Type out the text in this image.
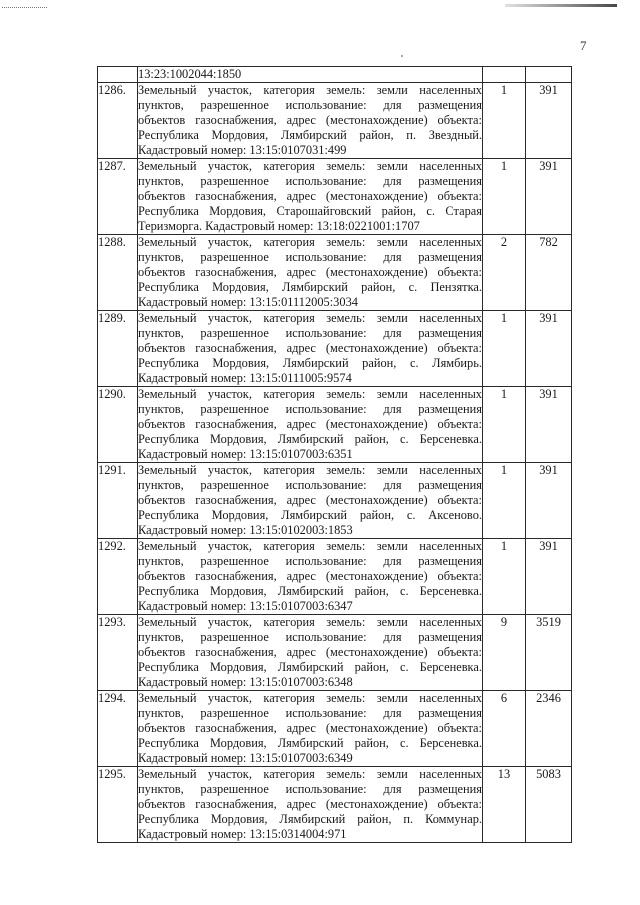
7

	13:23:1002044:1850		

1286.	Земельный участок, категория земель: земли населенных
пунктов, разрешенное использование: для размещения
объектов газоснабжения, адрес (местонахождение) объекта:
Республика Мордовия, Лямбирский район, п. Звездный.
Кадастровый номер: 13:15:0107031:499	1	391
1287.	Земельный участок, категория земель: земли населенных
пунктов, разрешенное использование: для размещения
объектов газоснабжения, адрес (местонахождение) объекта:
Республика Мордовия, Старошайговский район, с. Старая
Теризморга. Кадастровый номер: 13:18:0221001:1707	1	391
1288.	Земельный участок, категория земель: земли населенных
пунктов, разрешенное использование: для размещения
объектов газоснабжения, адрес (местонахождение) объекта:
Республика Мордовия, Лямбирский район, с. Пензятка.
Кадастровый номер: 13:15:01112005:3034	2	782
1289.	Земельный участок, категория земель: земли населенных
пунктов, разрешенное использование: для размещения
объектов газоснабжения, адрес (местонахождение) объекта:
Республика Мордовия, Лямбирский район, с. Лямбирь.
Кадастровый номер: 13:15:0111005:9574	1	391
1290.	Земельный участок, категория земель: земли населенных
пунктов, разрешенное использование: для размещения
объектов газоснабжения, адрес (местонахождение) объекта:
Республика Мордовия, Лямбирский район, с. Берсеневка.
Кадастровый номер: 13:15:0107003:6351	1	391
1291.	Земельный участок, категория земель: земли населенных
пунктов, разрешенное использование: для размещения
объектов газоснабжения, адрес (местонахождение) объекта:
Республика Мордовия, Лямбирский район, с. Аксеново.
Кадастровый номер: 13:15:0102003:1853	1	391
1292.	Земельный участок, категория земель: земли населенных
пунктов, разрешенное использование: для размещения
объектов газоснабжения, адрес (местонахождение) объекта:
Республика Мордовия, Лямбирский район, с. Берсеневка.
Кадастровый номер: 13:15:0107003:6347	1	391
1293.	Земельный участок, категория земель: земли населенных
пунктов, разрешенное использование: для размещения
объектов газоснабжения, адрес (местонахождение) объекта:
Республика Мордовия, Лямбирский район, с. Берсеневка.
Кадастровый номер: 13:15:0107003:6348	9	3519
1294.	Земельный участок, категория земель: земли населенных
пунктов, разрешенное использование: для размещения
объектов газоснабжения, адрес (местонахождение) объекта:
Республика Мордовия, Лямбирский район, с. Берсеневка.
Кадастровый номер: 13:15:0107003:6349	6	2346
1295.	Земельный участок, категория земель: земли населенных
пунктов, разрешенное использование: для размещения
объектов газоснабжения, адрес (местонахождение) объекта:
Республика Мордовия, Лямбирский район, п. Коммунар.
Кадастровый номер: 13:15:0314004:971	13	5083
